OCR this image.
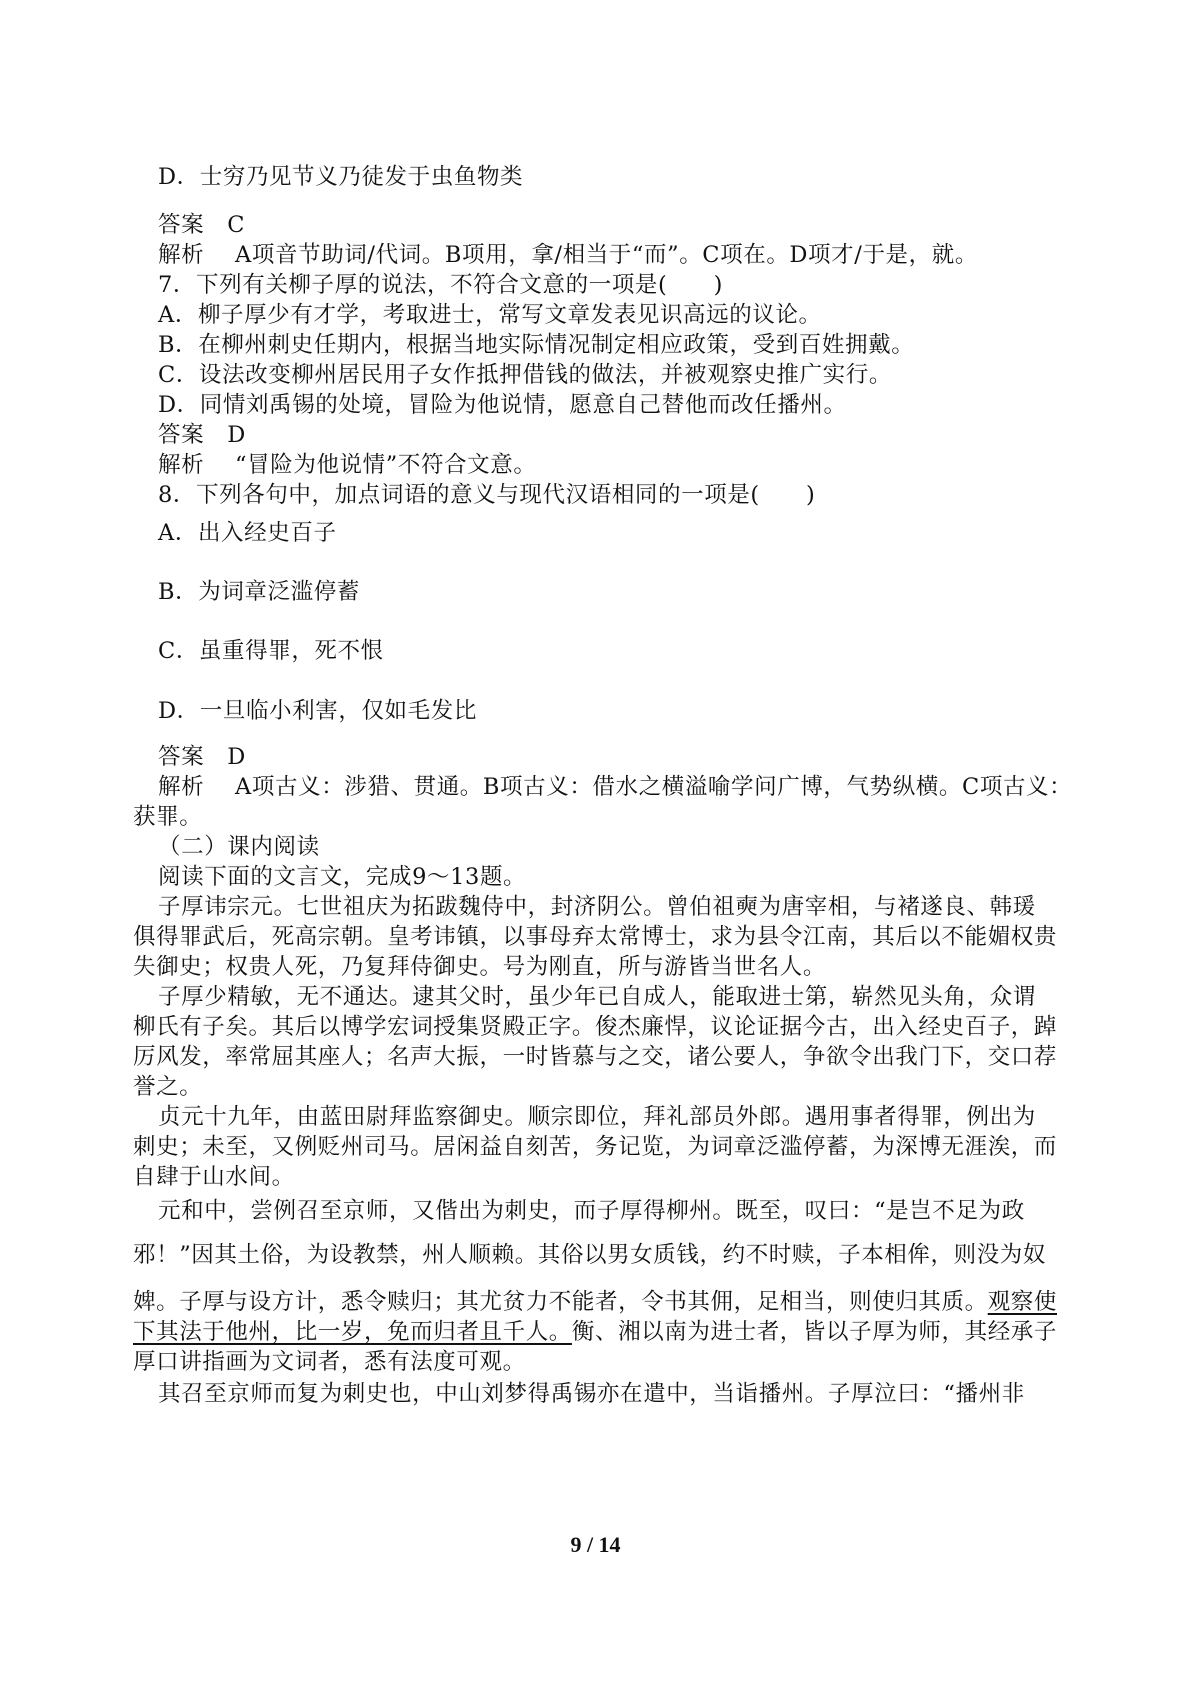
D．士穷乃见节义乃徒发于虫鱼物类
答案　C
解析　 A项音节助词/代词。B项用，拿/相当于“而”。C项在。D项才/于是，就。
7．下列有关柳子厚的说法，不符合文意的一项是(　　)
A．柳子厚少有才学，考取进士，常写文章发表见识高远的议论。
B．在柳州刺史任期内，根据当地实际情况制定相应政策，受到百姓拥戴。
C．设法改变柳州居民用子女作抵押借钱的做法，并被观察史推广实行。
D．同情刘禹锡的处境，冒险为他说情，愿意自己替他而改任播州。
答案　D
解析　 “冒险为他说情”不符合文意。
8．下列各句中，加点词语的意义与现代汉语相同的一项是(　　)
A．出入经史百子
B．为词章泛滥停蓄
C．虽重得罪，死不恨
D．一旦临小利害，仅如毛发比
答案　D
解析　 A项古义：涉猎、贯通。B项古义：借水之横溢喻学问广博，气势纵横。C项古义：
获罪。
（二）课内阅读
阅读下面的文言文，完成9～13题。
子厚讳宗元。七世祖庆为拓跋魏侍中，封济阴公。曾伯祖奭为唐宰相，与褚遂良、韩瑗
俱得罪武后，死高宗朝。皇考讳镇，以事母弃太常博士，求为县令江南，其后以不能媚权贵
失御史；权贵人死，乃复拜侍御史。号为刚直，所与游皆当世名人。
子厚少精敏，无不通达。逮其父时，虽少年已自成人，能取进士第，崭然见头角，众谓
柳氏有子矣。其后以博学宏词授集贤殿正字。俊杰廉悍，议论证据今古，出入经史百子，踔
厉风发，率常屈其座人；名声大振，一时皆慕与之交，诸公要人，争欲令出我门下，交口荐
誉之。
贞元十九年，由蓝田尉拜监察御史。顺宗即位，拜礼部员外郎。遇用事者得罪，例出为
刺史；未至，又例贬州司马。居闲益自刻苦，务记览，为词章泛滥停蓄，为深博无涯涘，而
自肆于山水间。
元和中，尝例召至京师，又偕出为刺史，而子厚得柳州。既至，叹曰：“是岂不足为政
邪！”因其土俗，为设教禁，州人顺赖。其俗以男女质钱，约不时赎，子本相侔，则没为奴
婢。子厚与设方计，悉令赎归；其尤贫力不能者，令书其佣，足相当，则使归其质。观察使
下其法于他州，比一岁，免而归者且千人。衡、湘以南为进士者，皆以子厚为师，其经承子
厚口讲指画为文词者，悉有法度可观。
其召至京师而复为刺史也，中山刘梦得禹锡亦在遣中，当诣播州。子厚泣曰：“播州非
9 / 14
